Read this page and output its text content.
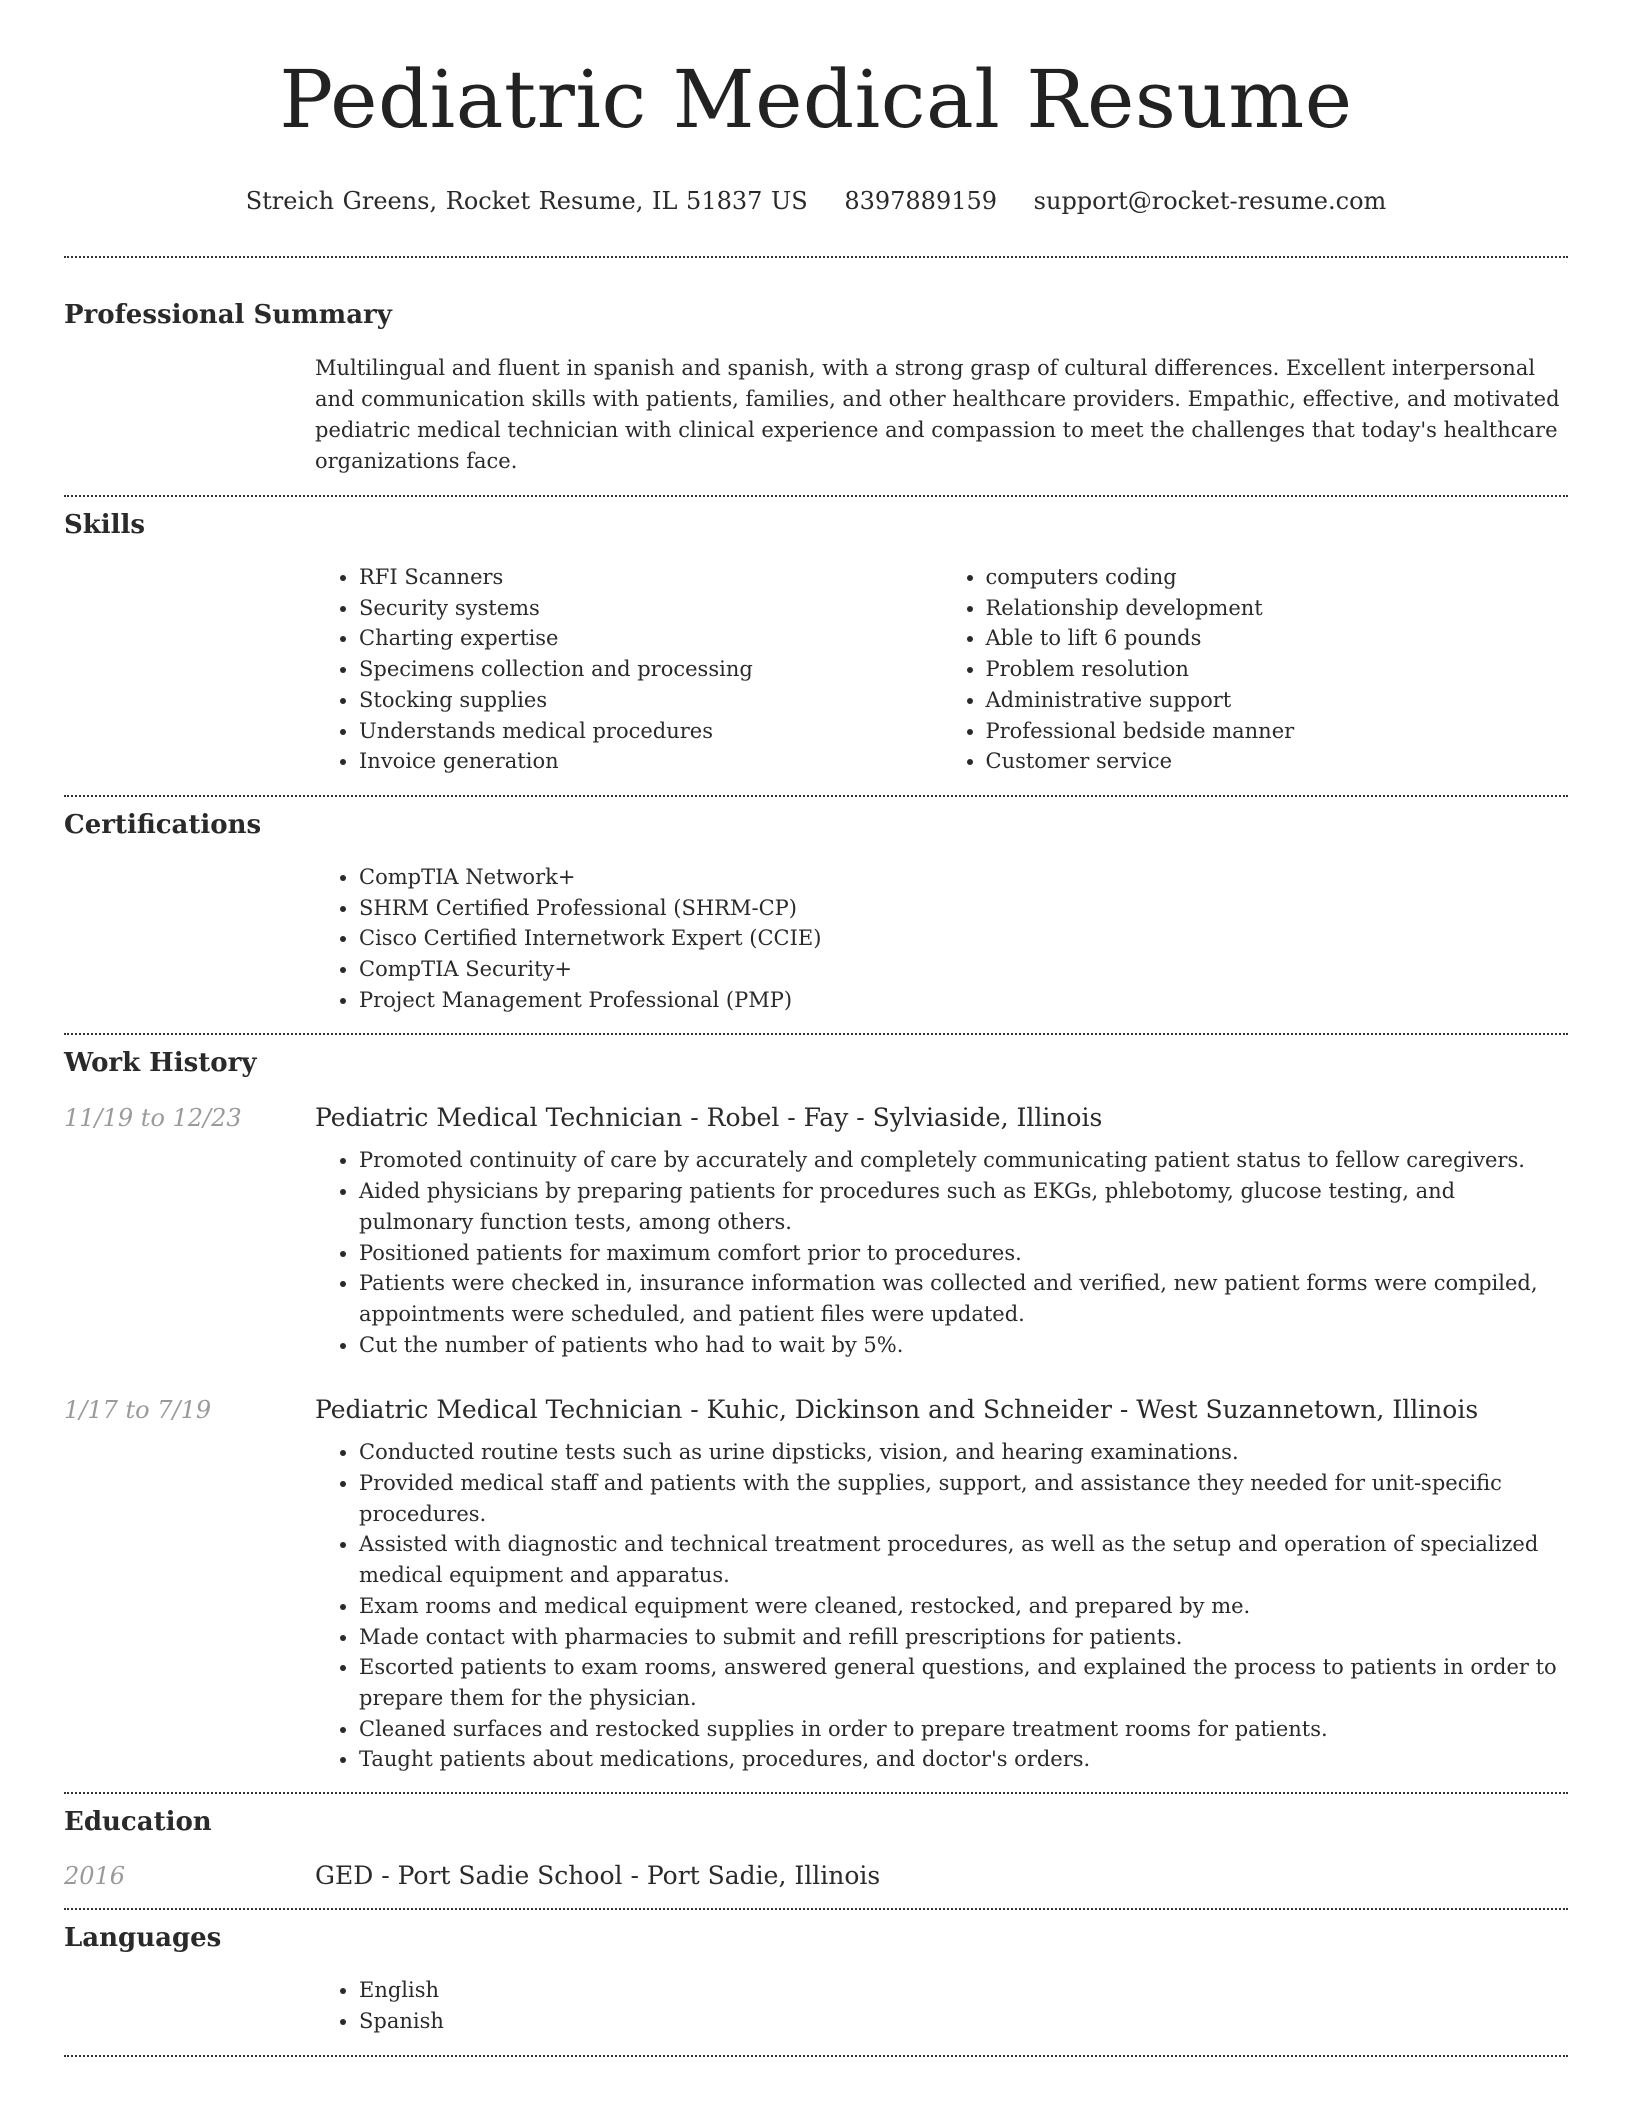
Pediatric Medical Resume
Streich Greens, Rocket Resume, IL 51837 US 8397889159 support@rocket-resume.com
Professional Summary

Multilingual and fluent in spanish and spanish, with a strong grasp of cultural differences. Excellent interpersonal and communication skills with patients, families, and other healthcare providers. Empathic, effective, and motivated pediatric medical technician with clinical experience and compassion to meet the challenges that today's healthcare organizations face.

Skills
• RFI Scanners
• Security systems
• Charting expertise
• Specimens collection and processing
• Stocking supplies
• Understands medical procedures
• Invoice generation
• computers coding
• Relationship development
• Able to lift 6 pounds
• Problem resolution
• Administrative support
• Professional bedside manner
• Customer service
Certifications
• CompTIA Network+
• SHRM Certified Professional (SHRM-CP)
• Cisco Certified Internetwork Expert (CCIE)
• CompTIA Security+
• Project Management Professional (PMP)
Work History
11/19 to 12/23	Pediatric Medical Technician - Robel - Fay - Sylviaside, Illinois
• Promoted continuity of care by accurately and completely communicating patient status to fellow caregivers.
• Aided physicians by preparing patients for procedures such as EKGs, phlebotomy, glucose testing, and pulmonary function tests, among others.
• Positioned patients for maximum comfort prior to procedures.
• Patients were checked in, insurance information was collected and verified, new patient forms were compiled, appointments were scheduled, and patient files were updated.
• Cut the number of patients who had to wait by 5%.
1/17 to 7/19	Pediatric Medical Technician - Kuhic, Dickinson and Schneider - West Suzannetown, Illinois
• Conducted routine tests such as urine dipsticks, vision, and hearing examinations.
• Provided medical staff and patients with the supplies, support, and assistance they needed for unit-specific procedures.
• Assisted with diagnostic and technical treatment procedures, as well as the setup and operation of specialized medical equipment and apparatus.
• Exam rooms and medical equipment were cleaned, restocked, and prepared by me.
• Made contact with pharmacies to submit and refill prescriptions for patients.
• Escorted patients to exam rooms, answered general questions, and explained the process to patients in order to prepare them for the physician.
• Cleaned surfaces and restocked supplies in order to prepare treatment rooms for patients.
• Taught patients about medications, procedures, and doctor's orders.
Education
2016	GED - Port Sadie School - Port Sadie, Illinois
Languages
• English
• Spanish
